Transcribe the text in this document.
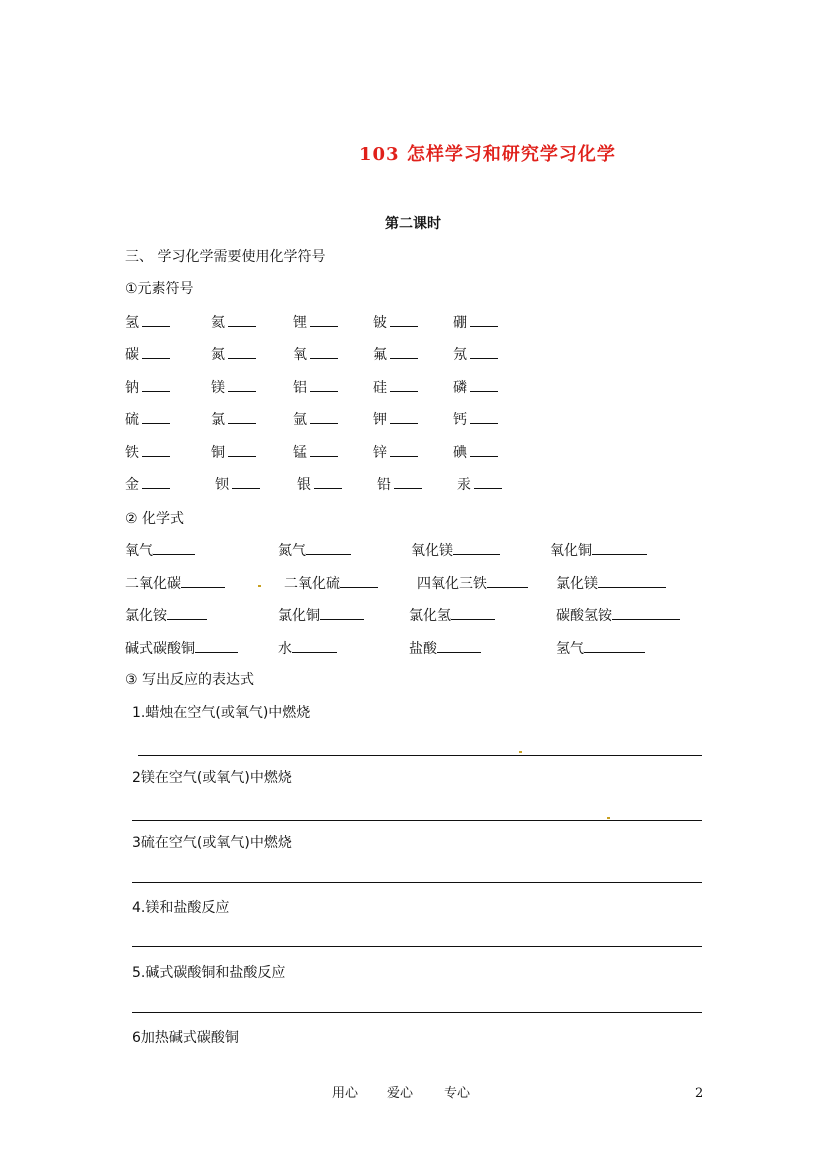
103 怎样学习和研究学习化学
第二课时
三、 学习化学需要使用化学符号
①元素符号
氢	氦	锂	铍	硼
碳	氮	氧	氟	氖
钠	镁	铝	硅	磷
硫	氯	氩	钾	钙
铁	铜	锰	锌	碘
金	钡	银	铅	汞
② 化学式
氧气	氮气	氧化镁	氧化铜
二氧化碳	二氧化硫	四氧化三铁	氯化镁
氯化铵	氯化铜	氯化氢	碳酸氢铵
碱式碳酸铜	水	盐酸	氢气
③ 写出反应的表达式
1.蜡烛在空气(或氧气)中燃烧
2镁在空气(或氧气)中燃烧
3硫在空气(或氧气)中燃烧
4.镁和盐酸反应
5.碱式碳酸铜和盐酸反应
6加热碱式碳酸铜
用心 爱心 专心	2
